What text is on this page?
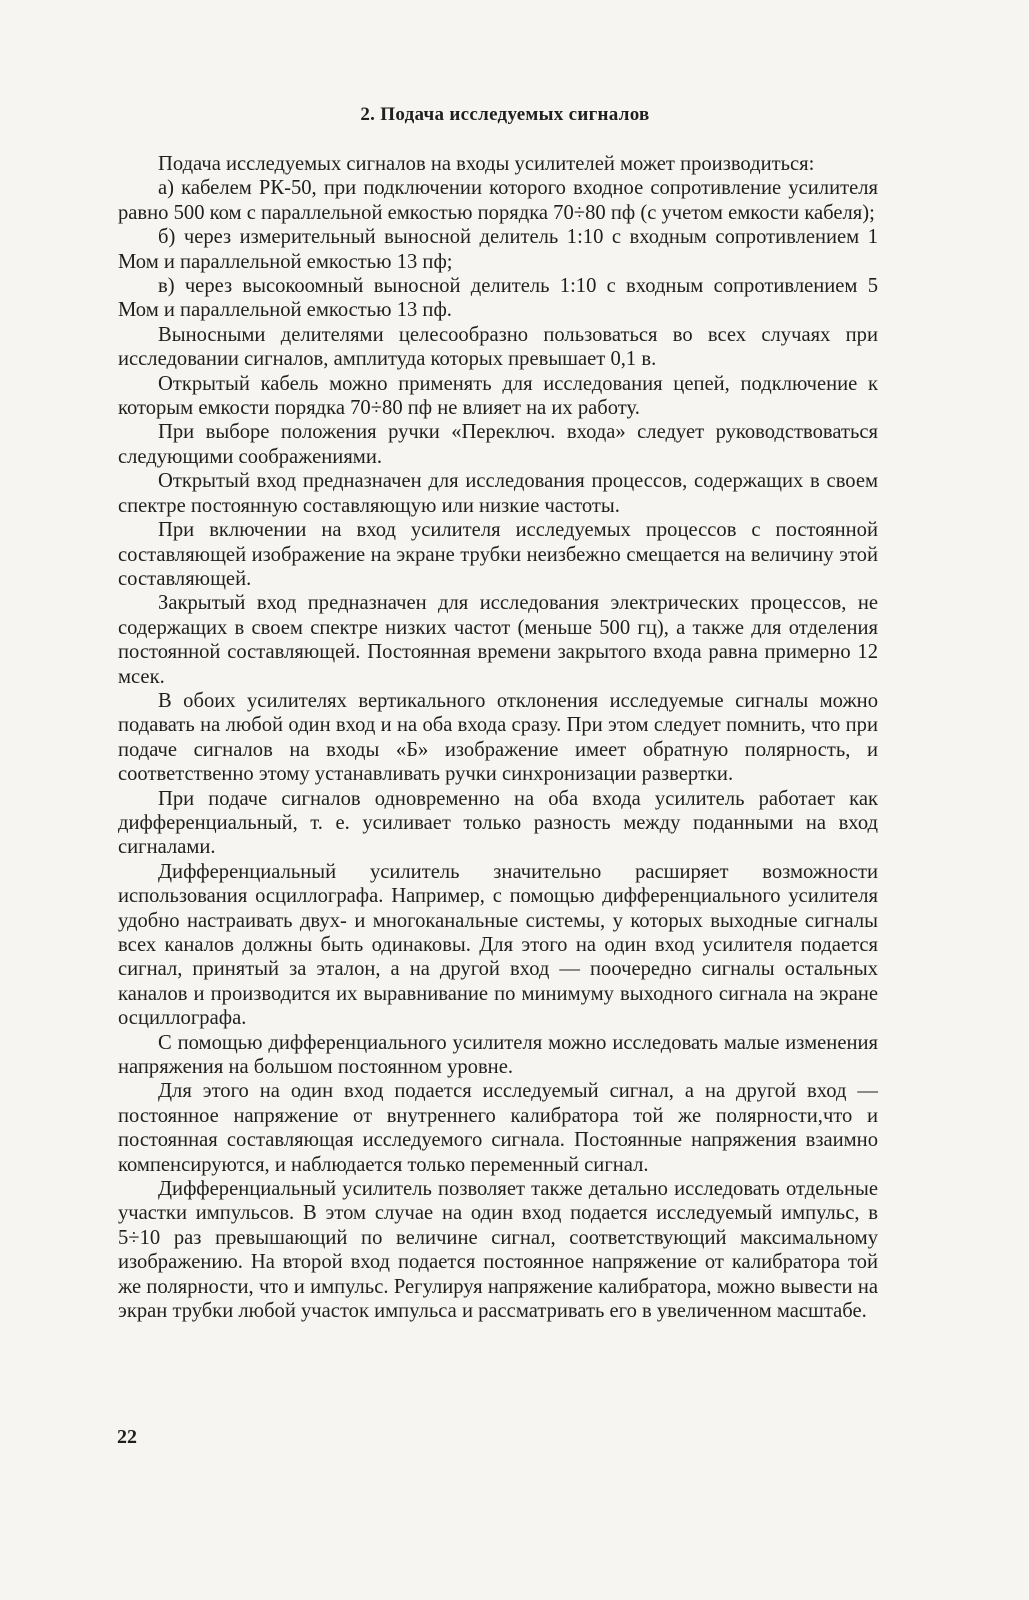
2. Подача исследуемых сигналов

Подача исследуемых сигналов на входы усилителей может производиться:

а) кабелем РК-50, при подключении которого входное сопротивление усилителя равно 500 ком с параллельной емкостью порядка 70÷80 пф (с учетом емкости кабеля);

б) через измерительный выносной делитель 1:10 с входным сопротивлением 1 Мом и параллельной емкостью 13 пф;

в) через высокоомный выносной делитель 1:10 с входным сопротивлением 5 Мом и параллельной емкостью 13 пф.

Выносными делителями целесообразно пользоваться во всех случаях при исследовании сигналов, амплитуда которых превышает 0,1 в.

Открытый кабель можно применять для исследования цепей, подключение к которым емкости порядка 70÷80 пф не влияет на их работу.

При выборе положения ручки «Переключ. входа» следует руководствоваться следующими соображениями.

Открытый вход предназначен для исследования процессов, содержащих в своем спектре постоянную составляющую или низкие частоты.

При включении на вход усилителя исследуемых процессов с постоянной составляющей изображение на экране трубки неизбежно смещается на величину этой составляющей.

Закрытый вход предназначен для исследования электрических процессов, не содержащих в своем спектре низких частот (меньше 500 гц), а также для отделения постоянной составляющей. Постоянная времени закрытого входа равна примерно 12 мсек.

В обоих усилителях вертикального отклонения исследуемые сигналы можно подавать на любой один вход и на оба входа сразу. При этом следует помнить, что при подаче сигналов на входы «Б» изображение имеет обратную полярность, и соответственно этому устанавливать ручки синхронизации развертки.

При подаче сигналов одновременно на оба входа усилитель работает как дифференциальный, т. е. усиливает только разность между поданными на вход сигналами.

Дифференциальный усилитель значительно расширяет возможности использования осциллографа. Например, с помощью дифференциального усилителя удобно настраивать двух- и многоканальные системы, у которых выходные сигналы всех каналов должны быть одинаковы. Для этого на один вход усилителя подается сигнал, принятый за эталон, а на другой вход — поочередно сигналы остальных каналов и производится их выравнивание по минимуму выходного сигнала на экране осциллографа.

С помощью дифференциального усилителя можно исследовать малые изменения напряжения на большом постоянном уровне.

Для этого на один вход подается исследуемый сигнал, а на другой вход — постоянное напряжение от внутреннего калибратора той же полярности,что и постоянная составляющая исследуемого сигнала. Постоянные напряжения взаимно компенсируются, и наблюдается только переменный сигнал.

Дифференциальный усилитель позволяет также детально исследовать отдельные участки импульсов. В этом случае на один вход подается исследуемый импульс, в 5÷10 раз превышающий по величине сигнал, соответствующий максимальному изображению. На второй вход подается постоянное напряжение от калибратора той же полярности, что и импульс. Регулируя напряжение калибратора, можно вывести на экран трубки любой участок импульса и рассматривать его в увеличенном масштабе.

22
